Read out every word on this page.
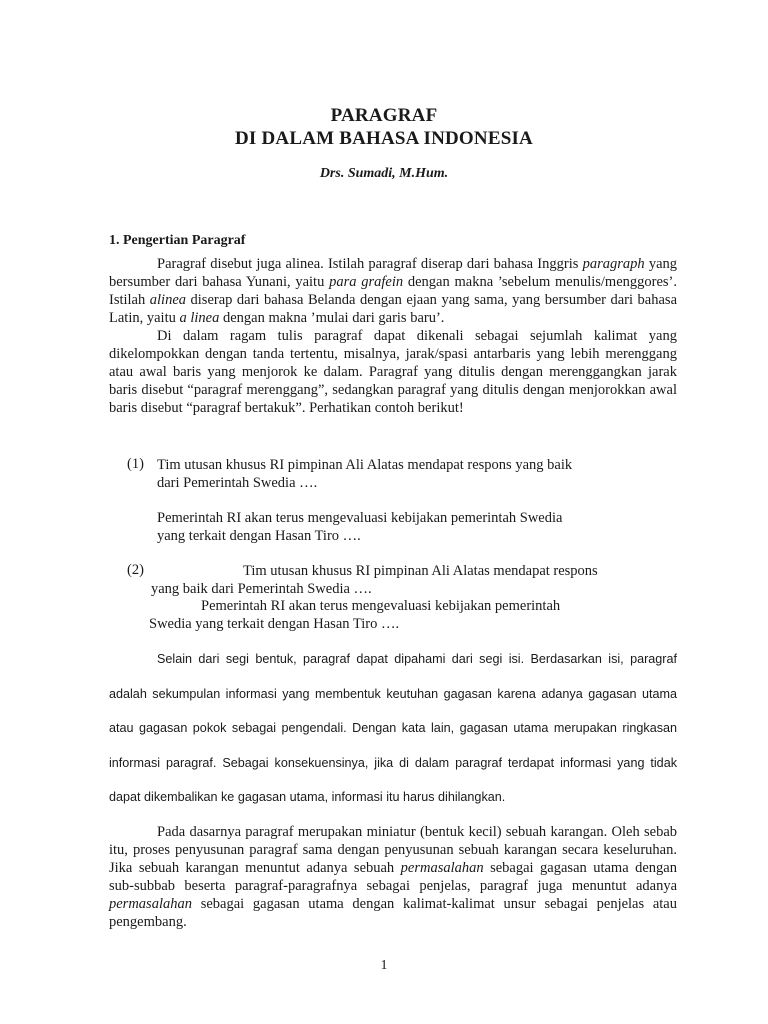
PARAGRAF
DI DALAM BAHASA INDONESIA
Drs. Sumadi, M.Hum.
1. Pengertian Paragraf

Paragraf disebut juga alinea. Istilah paragraf diserap dari bahasa Inggris paragraph yang bersumber dari bahasa Yunani, yaitu para grafein dengan makna ’sebelum menulis/menggores’. Istilah alinea diserap dari bahasa Belanda dengan ejaan yang sama, yang bersumber dari bahasa Latin, yaitu a linea dengan makna ’mulai dari garis baru’.

Di dalam ragam tulis paragraf dapat dikenali sebagai sejumlah kalimat yang dikelompokkan dengan tanda tertentu, misalnya, jarak/spasi antarbaris yang lebih merenggang atau awal baris yang menjorok ke dalam. Paragraf yang ditulis dengan merenggangkan jarak baris disebut “paragraf merenggang”, sedangkan paragraf yang ditulis dengan menjorokkan awal baris disebut “paragraf bertakuk”. Perhatikan contoh berikut!

(1) Tim utusan khusus RI pimpinan Ali Alatas mendapat respons yang baik
dari Pemerintah Swedia ….
Pemerintah RI akan terus mengevaluasi kebijakan pemerintah Swedia
yang terkait dengan Hasan Tiro ….
(2)	Tim utusan khusus RI pimpinan Ali Alatas mendapat respons
yang baik dari Pemerintah Swedia ….
Pemerintah RI akan terus mengevaluasi kebijakan pemerintah
Swedia yang terkait dengan Hasan Tiro ….

Selain dari segi bentuk, paragraf dapat dipahami dari segi isi. Berdasarkan isi, paragraf adalah sekumpulan informasi yang membentuk keutuhan gagasan karena adanya gagasan utama atau gagasan pokok sebagai pengendali. Dengan kata lain, gagasan utama merupakan ringkasan informasi paragraf. Sebagai konsekuensinya, jika di dalam paragraf terdapat informasi yang tidak dapat dikembalikan ke gagasan utama, informasi itu harus dihilangkan.

Pada dasarnya paragraf merupakan miniatur (bentuk kecil) sebuah karangan. Oleh sebab itu, proses penyusunan paragraf sama dengan penyusunan sebuah karangan secara keseluruhan. Jika sebuah karangan menuntut adanya sebuah permasalahan sebagai gagasan utama dengan sub-subbab beserta paragraf-paragrafnya sebagai penjelas, paragraf juga menuntut adanya permasalahan sebagai gagasan utama dengan kalimat-kalimat unsur sebagai penjelas atau pengembang.

1
